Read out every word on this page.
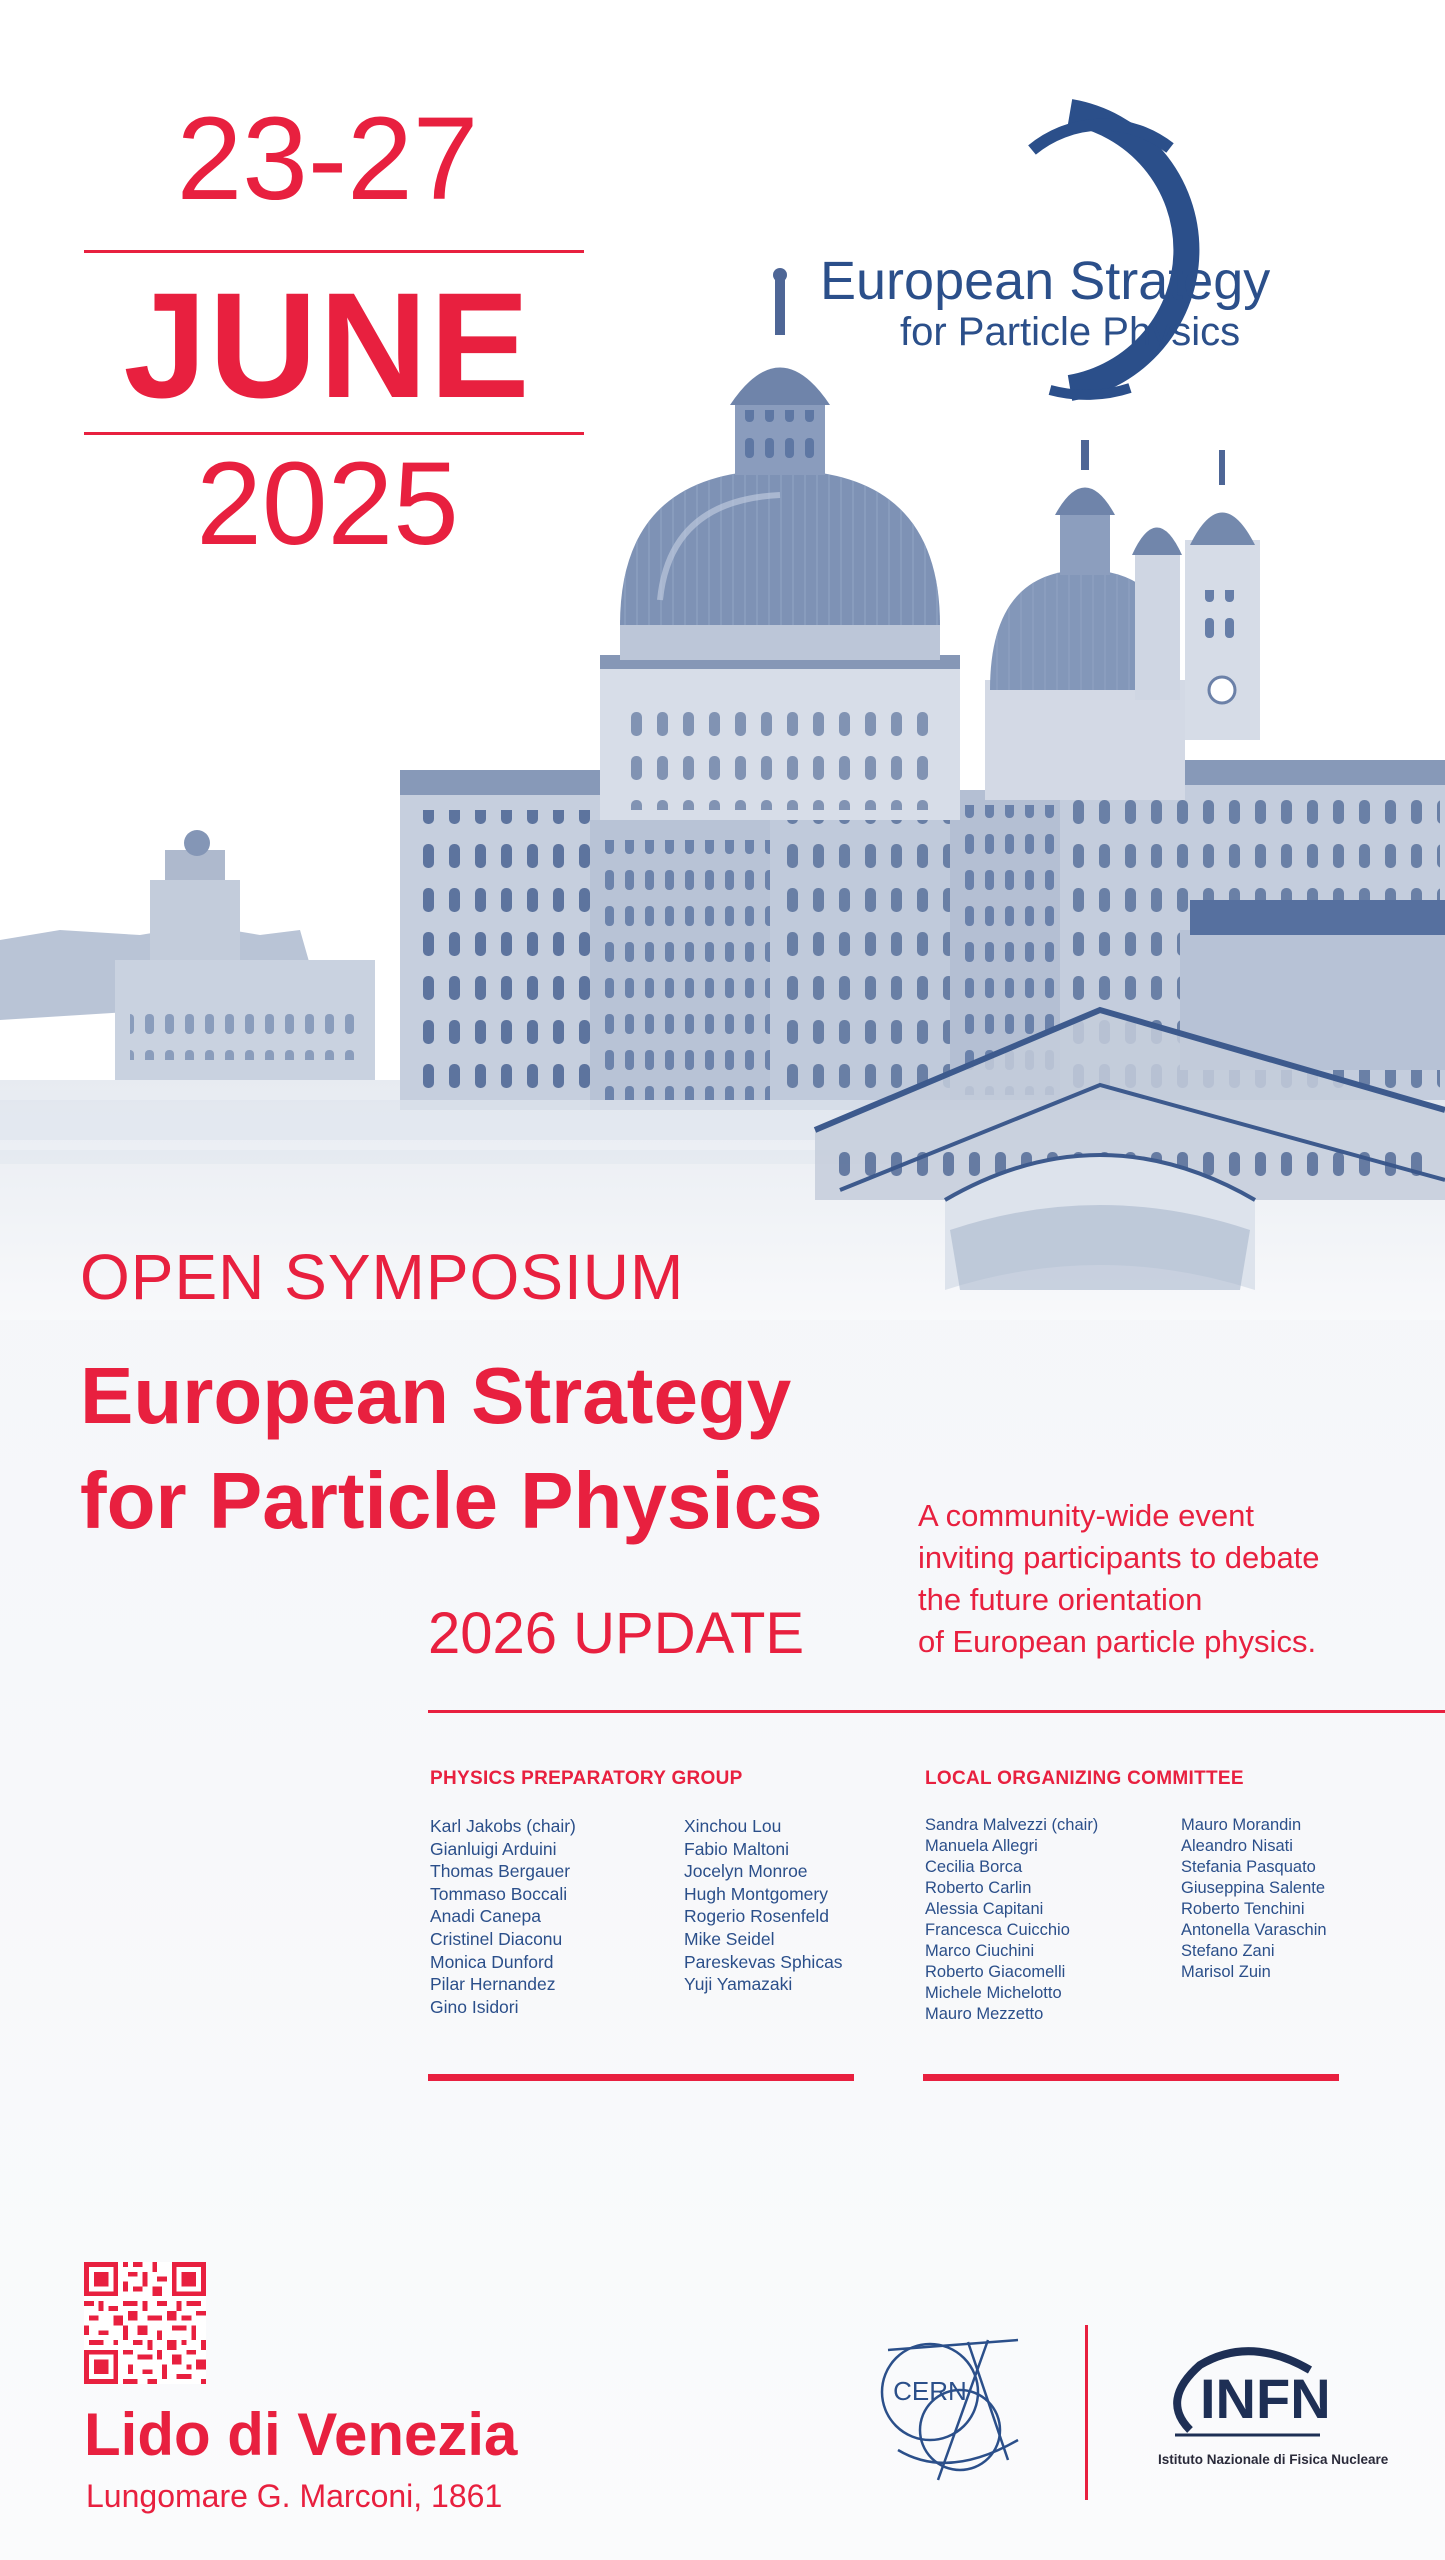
23-27
JUNE
2025
European Strategy
for Particle Physics
OPEN SYMPOSIUM
European Strategy
for Particle Physics
2026 UPDATE
A community-wide event
inviting participants to debate
the future orientation
of European particle physics.
PHYSICS PREPARATORY GROUP
Karl Jakobs (chair)
Gianluigi Arduini
Thomas Bergauer
Tommaso Boccali
Anadi Canepa
Cristinel Diaconu
Monica Dunford
Pilar Hernandez
Gino Isidori
Xinchou Lou
Fabio Maltoni
Jocelyn Monroe
Hugh Montgomery
Rogerio Rosenfeld
Mike Seidel
Pareskevas Sphicas
Yuji Yamazaki
LOCAL ORGANIZING COMMITTEE
Sandra Malvezzi (chair)
Manuela Allegri
Cecilia Borca
Roberto Carlin
Alessia Capitani
Francesca Cuicchio
Marco Ciuchini
Roberto Giacomelli
Michele Michelotto
Mauro Mezzetto
Mauro Morandin
Aleandro Nisati
Stefania Pasquato
Giuseppina Salente
Roberto Tenchini
Antonella Varaschin
Stefano Zani
Marisol Zuin
Lido di Venezia
Lungomare G. Marconi, 1861
CERN	INFN
Istituto Nazionale di Fisica Nucleare
